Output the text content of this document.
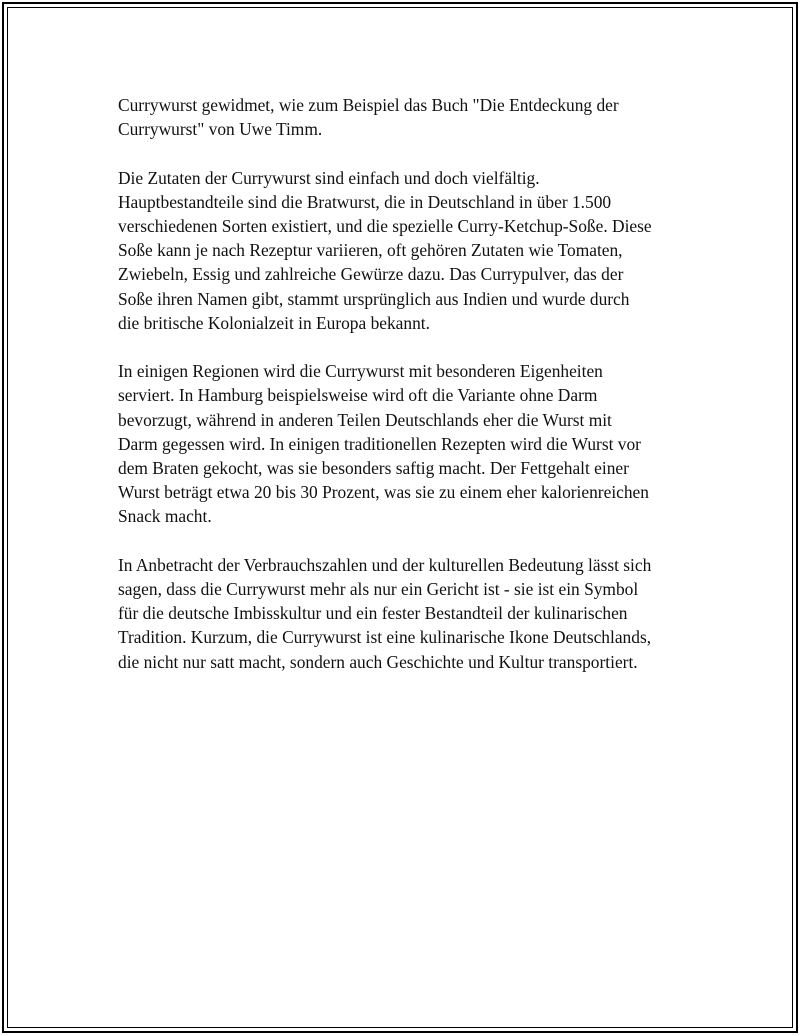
Currywurst gewidmet, wie zum Beispiel das Buch "Die Entdeckung der
Currywurst" von Uwe Timm.

Die Zutaten der Currywurst sind einfach und doch vielfältig.
Hauptbestandteile sind die Bratwurst, die in Deutschland in über 1.500
verschiedenen Sorten existiert, und die spezielle Curry-Ketchup-Soße. Diese
Soße kann je nach Rezeptur variieren, oft gehören Zutaten wie Tomaten,
Zwiebeln, Essig und zahlreiche Gewürze dazu. Das Currypulver, das der
Soße ihren Namen gibt, stammt ursprünglich aus Indien und wurde durch
die britische Kolonialzeit in Europa bekannt.

In einigen Regionen wird die Currywurst mit besonderen Eigenheiten
serviert. In Hamburg beispielsweise wird oft die Variante ohne Darm
bevorzugt, während in anderen Teilen Deutschlands eher die Wurst mit
Darm gegessen wird. In einigen traditionellen Rezepten wird die Wurst vor
dem Braten gekocht, was sie besonders saftig macht. Der Fettgehalt einer
Wurst beträgt etwa 20 bis 30 Prozent, was sie zu einem eher kalorienreichen
Snack macht.

In Anbetracht der Verbrauchszahlen und der kulturellen Bedeutung lässt sich
sagen, dass die Currywurst mehr als nur ein Gericht ist - sie ist ein Symbol
für die deutsche Imbisskultur und ein fester Bestandteil der kulinarischen
Tradition. Kurzum, die Currywurst ist eine kulinarische Ikone Deutschlands,
die nicht nur satt macht, sondern auch Geschichte und Kultur transportiert.
